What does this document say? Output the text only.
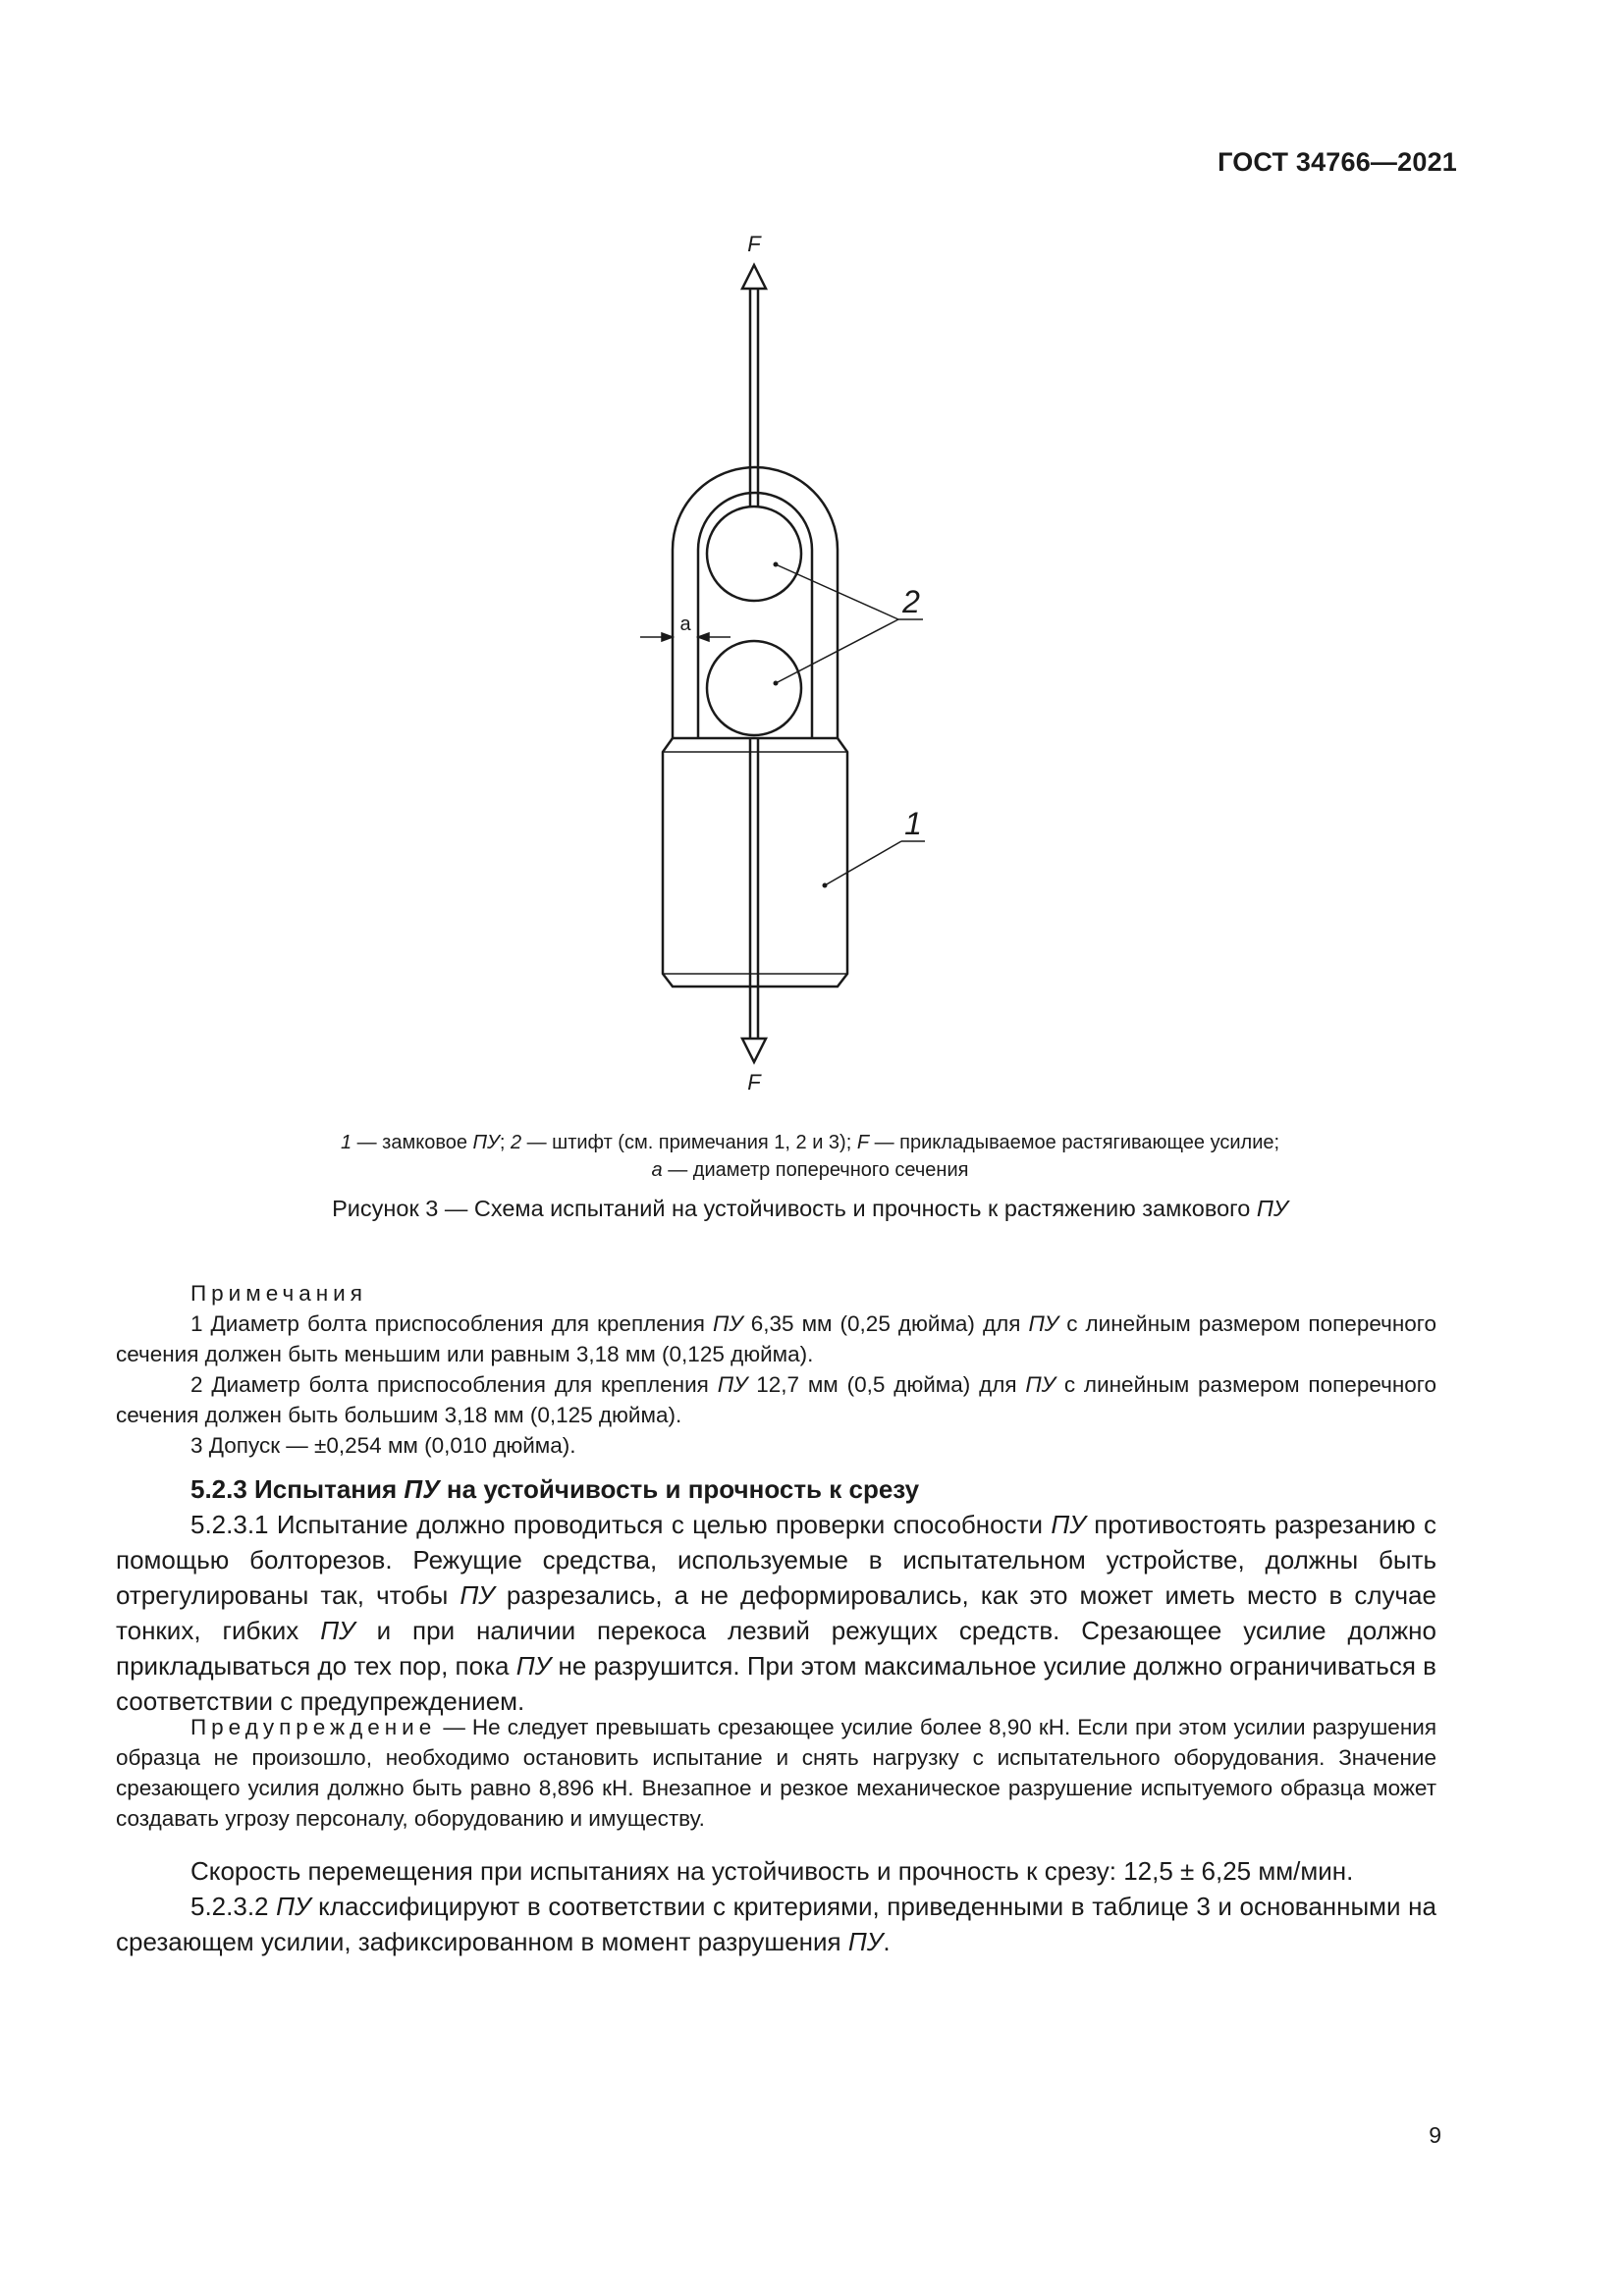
ГОСТ 34766—2021
F
F
a
2
1
1 — замковое ПУ; 2 — штифт (см. примечания 1, 2 и 3); F — прикладываемое растягивающее усилие;
а — диаметр поперечного сечения
Рисунок 3 — Схема испытаний на устойчивость и прочность к растяжению замкового ПУ
Примечания
1 Диаметр болта приспособления для крепления ПУ 6,35 мм (0,25 дюйма) для ПУ с линейным размером поперечного сечения должен быть меньшим или равным 3,18 мм (0,125 дюйма).
2 Диаметр болта приспособления для крепления ПУ 12,7 мм (0,5 дюйма) для ПУ с линейным размером поперечного сечения должен быть большим 3,18 мм (0,125 дюйма).
3 Допуск — ±0,254 мм (0,010 дюйма).
5.2.3 Испытания ПУ на устойчивость и прочность к срезу
5.2.3.1 Испытание должно проводиться с целью проверки способности ПУ противостоять разрезанию с помощью болторезов. Режущие средства, используемые в испытательном устройстве, должны быть отрегулированы так, чтобы ПУ разрезались, а не деформировались, как это может иметь место в случае тонких, гибких ПУ и при наличии перекоса лезвий режущих средств. Срезающее усилие должно прикладываться до тех пор, пока ПУ не разрушится. При этом максимальное усилие должно ограничиваться в соответствии с предупреждением.
Предупреждение — Не следует превышать срезающее усилие более 8,90 кН. Если при этом усилии разрушения образца не произошло, необходимо остановить испытание и снять нагрузку с испытательного оборудования. Значение срезающего усилия должно быть равно 8,896 кН. Внезапное и резкое механическое разрушение испытуемого образца может создавать угрозу персоналу, оборудованию и имуществу.
Скорость перемещения при испытаниях на устойчивость и прочность к срезу: 12,5 ± 6,25 мм/мин.
5.2.3.2 ПУ классифицируют в соответствии с критериями, приведенными в таблице 3 и основанными на срезающем усилии, зафиксированном в момент разрушения ПУ.
9
